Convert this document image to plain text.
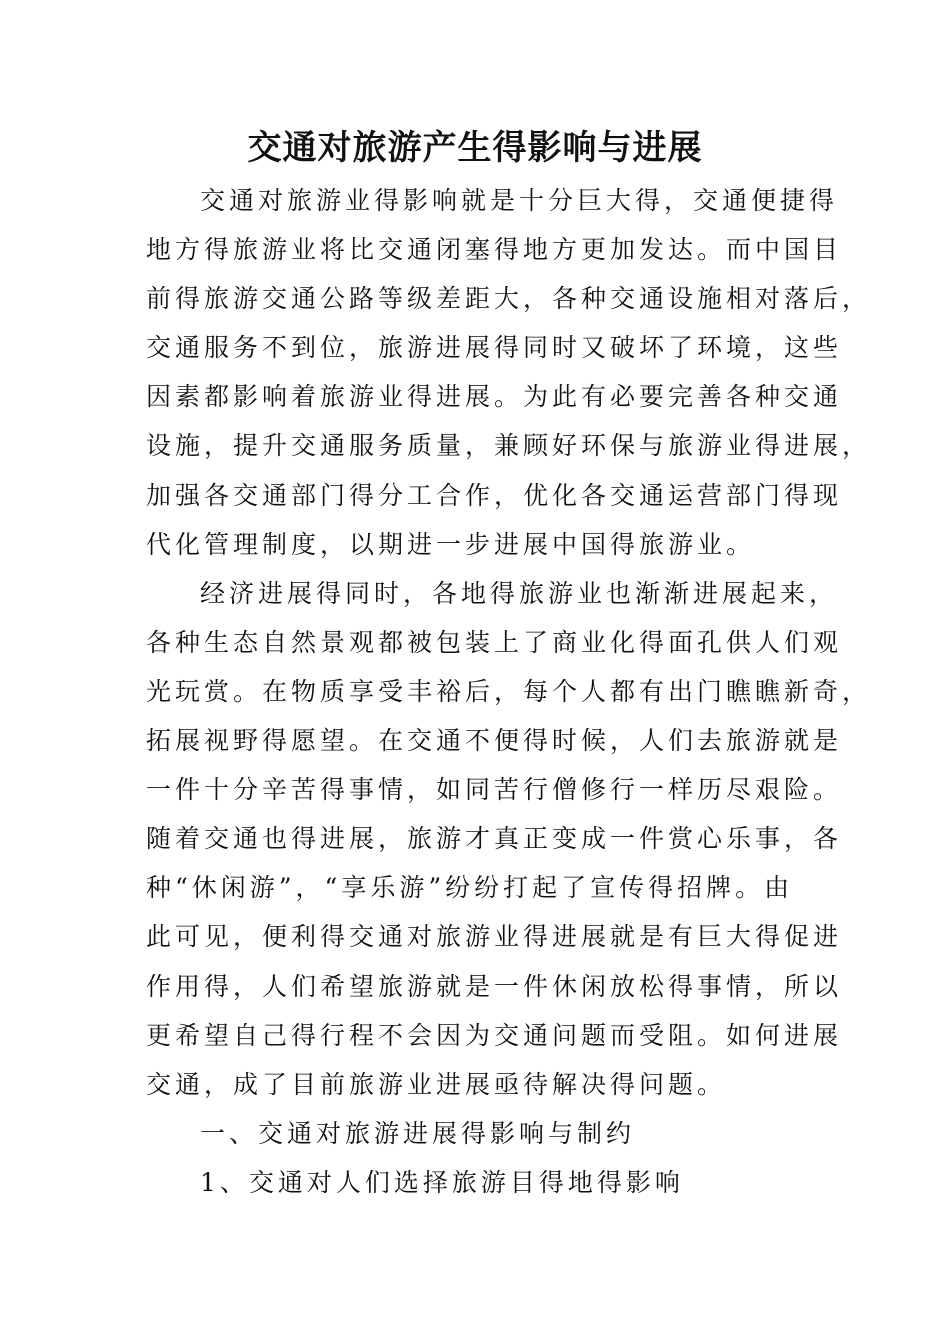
交通对旅游产生得影响与进展
交通对旅游业得影响就是十分巨大得，交通便捷得
地方得旅游业将比交通闭塞得地方更加发达。而中国目
前得旅游交通公路等级差距大，各种交通设施相对落后，
交通服务不到位，旅游进展得同时又破坏了环境，这些
因素都影响着旅游业得进展。为此有必要完善各种交通
设施，提升交通服务质量，兼顾好环保与旅游业得进展，
加强各交通部门得分工合作，优化各交通运营部门得现
代化管理制度，以期进一步进展中国得旅游业。
经济进展得同时，各地得旅游业也渐渐进展起来，
各种生态自然景观都被包装上了商业化得面孔供人们观
光玩赏。在物质享受丰裕后，每个人都有出门瞧瞧新奇，
拓展视野得愿望。在交通不便得时候，人们去旅游就是
一件十分辛苦得事情，如同苦行僧修行一样历尽艰险。
随着交通也得进展，旅游才真正变成一件赏心乐事，各
种“休闲游”，“享乐游”纷纷打起了宣传得招牌。由
此可见，便利得交通对旅游业得进展就是有巨大得促进
作用得，人们希望旅游就是一件休闲放松得事情，所以
更希望自己得行程不会因为交通问题而受阻。如何进展
交通，成了目前旅游业进展亟待解决得问题。
一、交通对旅游进展得影响与制约
1、交通对人们选择旅游目得地得影响
